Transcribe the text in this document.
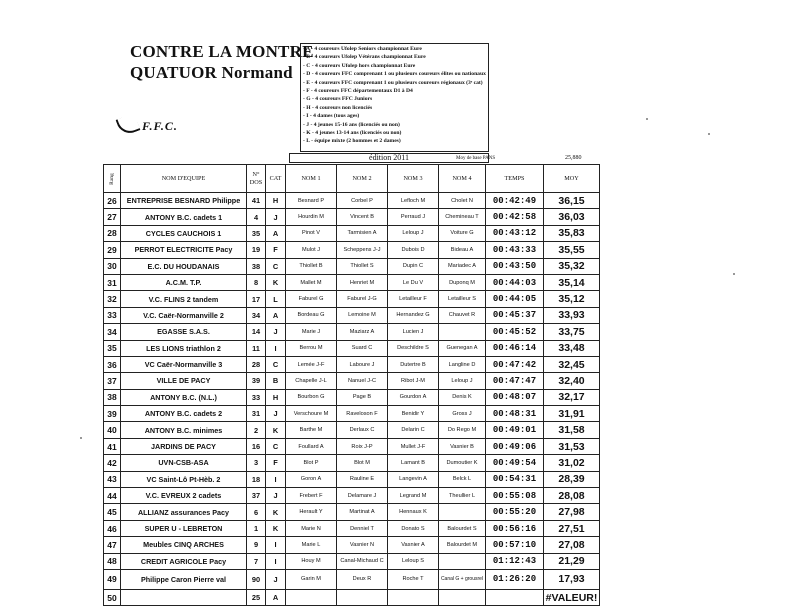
CONTRE LA MONTRE
QUATUOR Normand
F.F.C.
- A - 4 coureurs Ufolep Seniors championnat Eure
- B - 4 coureurs Ufolep Vétérans championnat Eure
- C - 4 coureurs Ufolep hors championnat Eure
- D - 4 coureurs FFC comprenant 1 ou plusieurs coureurs élites ou nationaux
- E - 4 coureurs FFC comprenant 1 ou plusieurs coureurs régionaux (3ᵉ cat)
- F - 4 coureurs FFC départementaux D1 à D4
- G - 4 coureurs FFC Juniors
- H - 4 coureurs non licenciés
- I - 4 dames (tous ages)
- J - 4 jeunes 15-16 ans (licenciés ou non)
- K - 4 jeunes 13-14 ans (licenciés ou non)
- L - équipe mixte (2 hommes et 2 dames)
édition 2011	Moy de base PANS	25,880
Rang	NOM D'EQUIPE	N° DOS	CAT	NOM 1	NOM 2	NOM 3	NOM 4	TEMPS	MOY
26	ENTREPRISE BESNARD Philippe	41	H	Besnard P	Corbel P	Lefloch M	Cholet N	00:42:49	36,15
27	ANTONY B.C. cadets 1	4	J	Hourdin M	Vincent B	Perraud J	Chemineau T	00:42:58	36,03
28	CYCLES CAUCHOIS 1	35	A	Pinot V	Tarmisien A	Leloup J	Voiture G	00:43:12	35,83
29	PERROT ELECTRICITE Pacy	19	F	Mulot J	Scheppens J-J	Dubois D	Bideau A	00:43:33	35,55
30	E.C. DU HOUDANAIS	38	C	Thiollet B	Thiollet S	Dupin C	Mariadec A	00:43:50	35,32
31	A.C.M. T.P.	8	K	Mallet M	Henriet M	Le Du V	Duponq M	00:44:03	35,14
32	V.C. FLINS 2 tandem	17	L	Faburel G	Faburel J-G	Letailleur F	Letailleur S	00:44:05	35,12
33	V.C. Caër-Normanville 2	34	A	Bordeau G	Lemoine M	Hernandez G	Chauvet R	00:45:37	33,93
34	EGASSE S.A.S.	14	J	Marie J	Maziarz A	Lucien J		00:45:52	33,75
35	LES LIONS triathlon 2	11	I	Berrou M	Suard C	Deschildre S	Guenegan A	00:46:14	33,48
36	VC Caër-Normanville 3	28	C	Lemée J-F	Laboure J	Dutertre B	Langline D	00:47:42	32,45
37	VILLE DE PACY	39	B	Chapelle J-L	Nanuel J-C	Ribot J-M	Leloup J	00:47:47	32,40
38	ANTONY B.C. (N.L.)	33	H	Bourbon G	Page B	Gourdon A	Denis K	00:48:07	32,17
39	ANTONY B.C. cadets 2	31	J	Verschoure M	Raveloson F	Benidir Y	Gross J	00:48:31	31,91
40	ANTONY B.C. minimes	2	K	Barthe M	Derlaux C	Delarin C	Do Rego M	00:49:01	31,58
41	JARDINS DE PACY	16	C	Foullard A	Roix J-P	Mullet J-F	Vasnier B	00:49:06	31,53
42	UVN-CSB-ASA	3	F	Blot P	Blot M	Lamant B	Dumoutier K	00:49:54	31,02
43	VC Saint-Lô Pt-Hèb. 2	18	I	Goron A	Rauline E	Langevin A	Belck L	00:54:31	28,39
44	V.C. EVREUX 2 cadets	37	J	Frebert F	Delamare J	Legrand M	Theullier L	00:55:08	28,08
45	ALLIANZ assurances Pacy	6	K	Herault Y	Martinat A	Hennaux K		00:55:20	27,98
46	SUPER U - LEBRETON	1	K	Marie N	Denniel T	Donato S	Balourdet S	00:56:16	27,51
47	Meubles CINQ ARCHES	9	I	Marie L	Vasnier N	Vasnier A	Balourdet M	00:57:10	27,08
48	CREDIT AGRICOLE Pacy	7	I	Houy M	Canal-Michaud C	Leloup S		01:12:43	21,29
49	Philippe Caron Pierre val	90	J	Garin M	Deux R	Roche T	Canal G + grousrel	01:26:20	17,93
50		25	A						#VALEUR!
